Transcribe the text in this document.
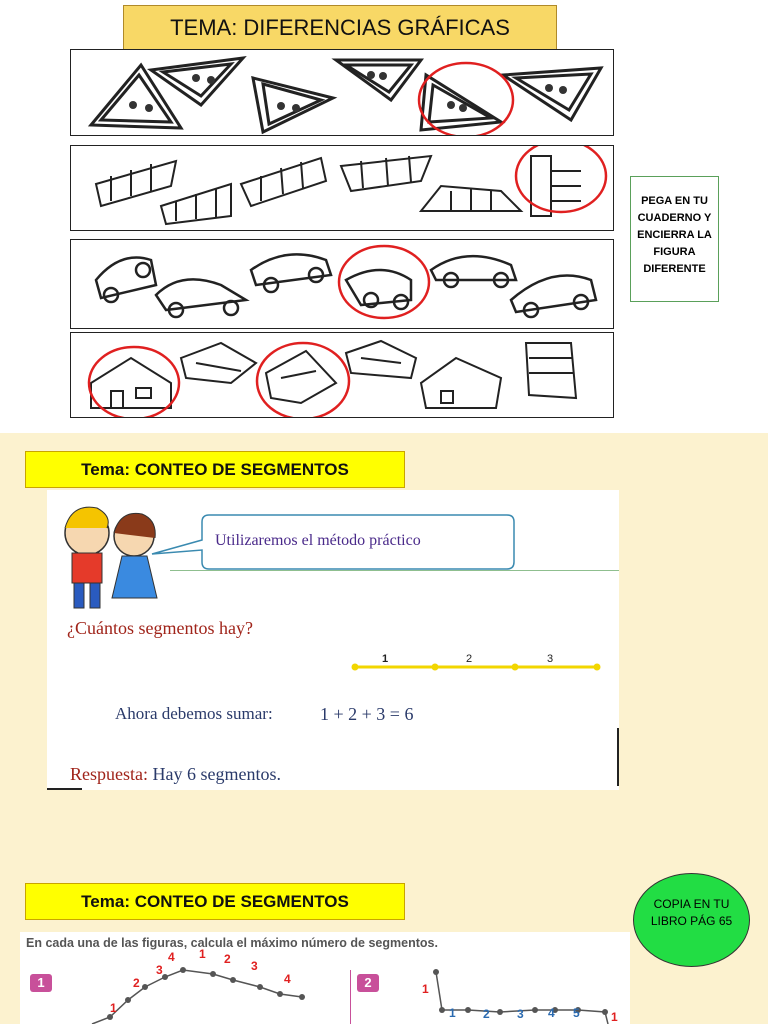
TEMA: DIFERENCIAS GRÁFICAS
PEGA EN TU CUADERNO Y ENCIERRA LA FIGURA DIFERENTE
Tema: CONTEO DE SEGMENTOS
Utilizaremos el método práctico
¿Cuántos segmentos hay?
1	2	3
Ahora debemos sumar:	1 + 2 + 3 = 6
Respuesta: Hay 6 segmentos.
Tema: CONTEO DE SEGMENTOS	COPIA EN TU LIBRO PÁG 65
En cada una de las figuras, calcula el máximo número de segmentos.
1	2
1
2
3
4 1 2 3
4
1
1 2 3 4 5	1
